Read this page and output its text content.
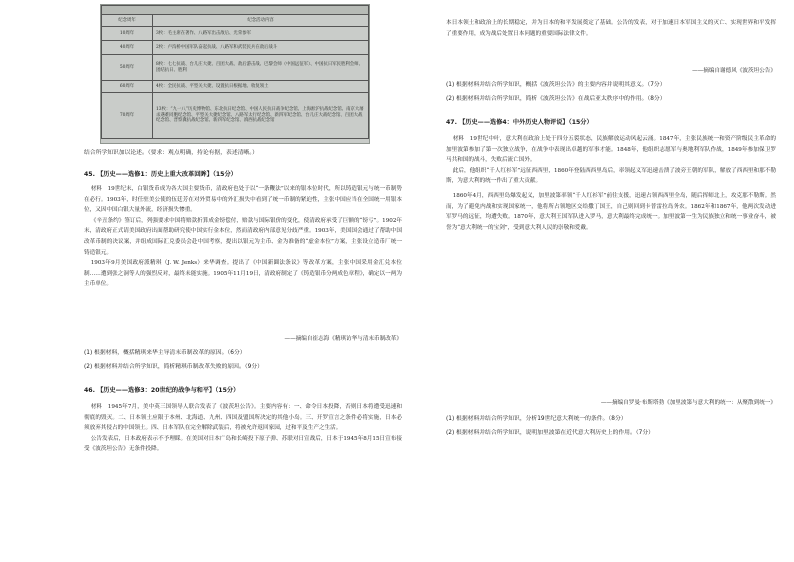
纪念周年	纪念活动内容
10周年	3枚：毛主席在著作、八路军出击敌后、光荣参军
40周年	2枚：卢沟桥中国军队奋起抗战、八路军和武装民兵在敌后战斗
50周年	8枚：七七抗战、台儿庄大捷、百团大战、敌后游击战、巴黎会师（中国远征军）、中国抗日军民胜利会师、团结抗日、胜利
60周年	4枚：全民抗战、平型关大捷、设置抗日根据地、收复领土
70周年	13枚：“九一八”历史博物馆、东北抗日纪念馆、中国人民抗日战争纪念馆、上海淞沪抗战纪念馆、南京大屠杀遇难同胞纪念馆、平型关大捷纪念馆、八路军太行纪念馆、新四军纪念馆、台儿庄大战纪念馆、百团大战纪念馆、晋察冀抗战纪念馆、新四军纪念馆、滇西抗战纪念馆
结合所学知识加以论述。（要求：观点明确，持论有据，表述清晰。）
45. 【历史——选修1：历史上重大改革回眸】（15分）

材料　19世纪末，白银货币成为各大国主要货币，清政府也处于以“一条鞭法”以来的银本位时代，所以铸造银元与统一币制势在必行。1903年，时任驻美公使的伍廷芳在对外贸易中的外汇损失中看到了统一币制的紧迫性，主张中国应当在全国统一用银本位，又因中国白银大量外流，经济损失惨重。

《辛丑条约》签订后，列强要求中国将赔款折算成金镑偿付，赔款与国际银价的变化，使清政府承受了巨额的“镑亏”。1902年末，清政府正式请美国政府出面帮助研究使中国实行金本位，然而清政府内部意见分歧严重。1903年，美国国会通过了帮助中国改革币制的决议案，并组成国际汇兑委员会赴中国考察，提出以银元为主币、金为准备的“虚金本位”方案，主张设立造币厂统一铸造银元。

1903年9月美国政府派精琪（J. W. Jenks）来华调查。提出了《中国新圜法条议》等改革方案，主张中国采用金汇兑本位制……遭到张之洞等人的强烈反对，最终未能实施。1905年11月19日，清政府制定了《铸造银币分两成色章程》，确定以一两为主币单位。

——摘编自崔志海《精琪访华与清末币制改革》
(1) 根据材料，概括精琪来华主导清末币制改革的原因。（6分）
(2) 根据材料并结合所学知识，简析精琪币制改革失败的原因。（9分）
46. 【历史——选修3：20世纪的战争与和平】（15分）

材料　1945年7月，美中英三国领导人联合发表了《波茨坦公告》。主要内容有：一、命令日本投降，否则日本将遭受迅速和彻底的毁灭。二、日本领土应限于本州、北海道、九州、四国及盟国所决定的其他小岛。三、开罗宣言之条件必将实施，日本必须放弃其侵占的中国领土。四、日本军队在完全解除武装后，将被允许返回家园，过和平及生产之生活。

公告发表后，日本政府表示不予理睬。在美国对日本广岛和长崎投下原子弹、苏联对日宣战后，日本于1945年8月15日宣布接受《波茨坦公告》无条件投降。

本日本领土和政治上的长期稳定，并为日本的和平发展奠定了基础。公告的发表，对于加速日本军国主义的灭亡、实现世界和平发挥了重要作用，成为战后处置日本问题的重要国际法律文件。

——摘编自谢德风《波茨坦公告》
(1) 根据材料并结合所学知识，概括《波茨坦公告》的主要内容并说明其意义。（7分）
(2) 根据材料并结合所学知识，简析《波茨坦公告》在战后亚太秩序中的作用。（8分）
47. 【历史——选修4：中外历史人物评说】（15分）

材料　19世纪中叶，意大利在政治上处于四分五裂状态，民族解放运动风起云涌。1847年，主张民族统一和资产阶级民主革命的加里波第参加了第一次独立战争，在战争中表现出卓越的军事才能。1848年，他组织志愿军与奥地利军队作战，1849年参加保卫罗马共和国的战斗，失败后流亡国外。

此后，他组织“千人红衫军”远征西西里，1860年登陆西西里岛后，率领起义军迅速击溃了波旁王朝的军队，解放了西西里和那不勒斯，为意大利的统一作出了重大贡献。

1860年4月，西西里岛爆发起义，加里波第率领“千人红衫军”前往支援，迅速占领西西里全岛，随后挥师北上，攻克那不勒斯。然而，为了避免内战和实现国家统一，他将所占领地区交给撒丁国王，自己则回到卡普雷拉岛务农。1862年和1867年，他两次发动进军罗马的远征，均遭失败。1870年，意大利王国军队进入罗马，意大利最终完成统一。加里波第一生为民族独立和统一事业奋斗，被誉为“意大利统一的宝剑”，受到意大利人民的崇敬和爱戴。

——摘编自罗曼·布斯塔勃《加里波第与意大利的统一：从聚散到统一》
(1) 根据材料并结合所学知识，分析19世纪意大利统一的条件。（8分）
(2) 根据材料并结合所学知识，说明加里波第在近代意大利历史上的作用。（7分）
